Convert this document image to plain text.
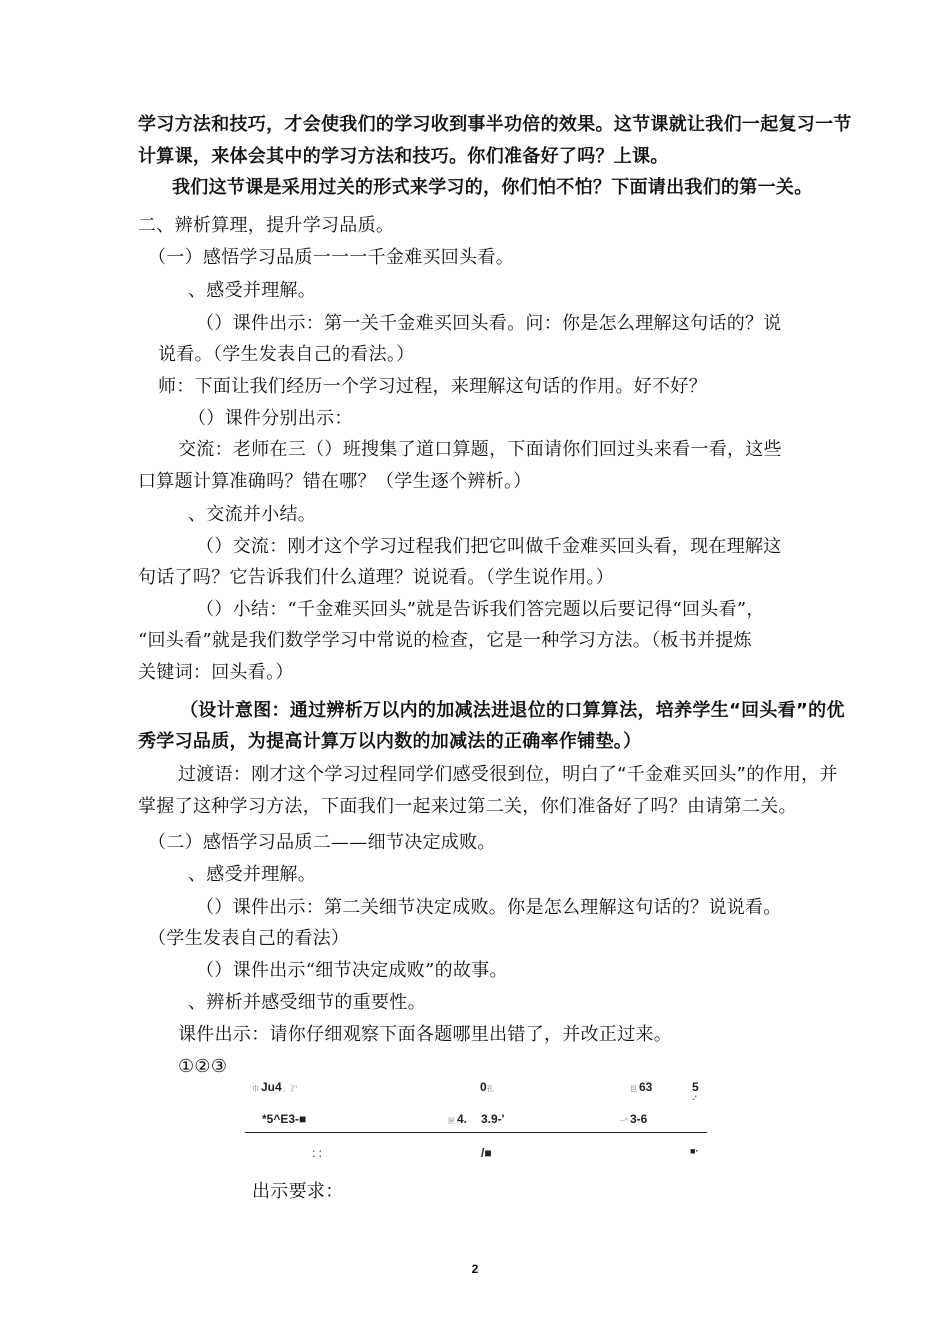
学习方法和技巧，才会使我们的学习收到事半功倍的效果。这节课就让我们一起复习一节
计算课，来体会其中的学习方法和技巧。你们准备好了吗？上课。
我们这节课是采用过关的形式来学习的，你们怕不怕？下面请出我们的第一关。
二、辨析算理，提升学习品质。
（一）感悟学习品质一一一千金难买回头看。
、感受并理解。
（）课件出示：第一关千金难买回头看。问：你是怎么理解这句话的？说
说看。（学生发表自己的看法。）
师：下面让我们经历一个学习过程，来理解这句话的作用。好不好？
（）课件分别出示：
交流：老师在三（）班搜集了道口算题，下面请你们回过头来看一看，这些
口算题计算准确吗？错在哪？（学生逐个辨析。）
、交流并小结。
（）交流：刚才这个学习过程我们把它叫做千金难买回头看，现在理解这
句话了吗？它告诉我们什么道理？说说看。（学生说作用。）
（）小结：“千金难买回头”就是告诉我们答完题以后要记得“回头看”，
“回头看”就是我们数学学习中常说的检查，它是一种学习方法。（板书并提炼
关键词：回头看。）
（设计意图：通过辨析万以内的加减法进退位的口算算法，培养学生“回头看”的优
秀学习品质，为提高计算万以内数的加减法的正确率作铺垫。）
过渡语：刚才这个学习过程同学们感受很到位，明白了“千金难买回头”的作用，并
掌握了这种学习方法，下面我们一起来过第二关，你们准备好了吗？由请第二关。
（二）感悟学习品质二——细节决定成败。
、感受并理解。
（）课件出示：第二关细节决定成败。你是怎么理解这句话的？说说看。
（学生发表自己的看法）
（）课件出示“细节决定成败”的故事。
、辨析并感受细节的重要性。
课件出示：请你仔细观察下面各题哪里出错了，并改正过来。
①②③
巾 Ju4」了'	0孔	邑 63	5
-'
*5^E3-■	匣 4. 3.9-'	--^ 3-6
: :	/■	■·
出示要求：
2
